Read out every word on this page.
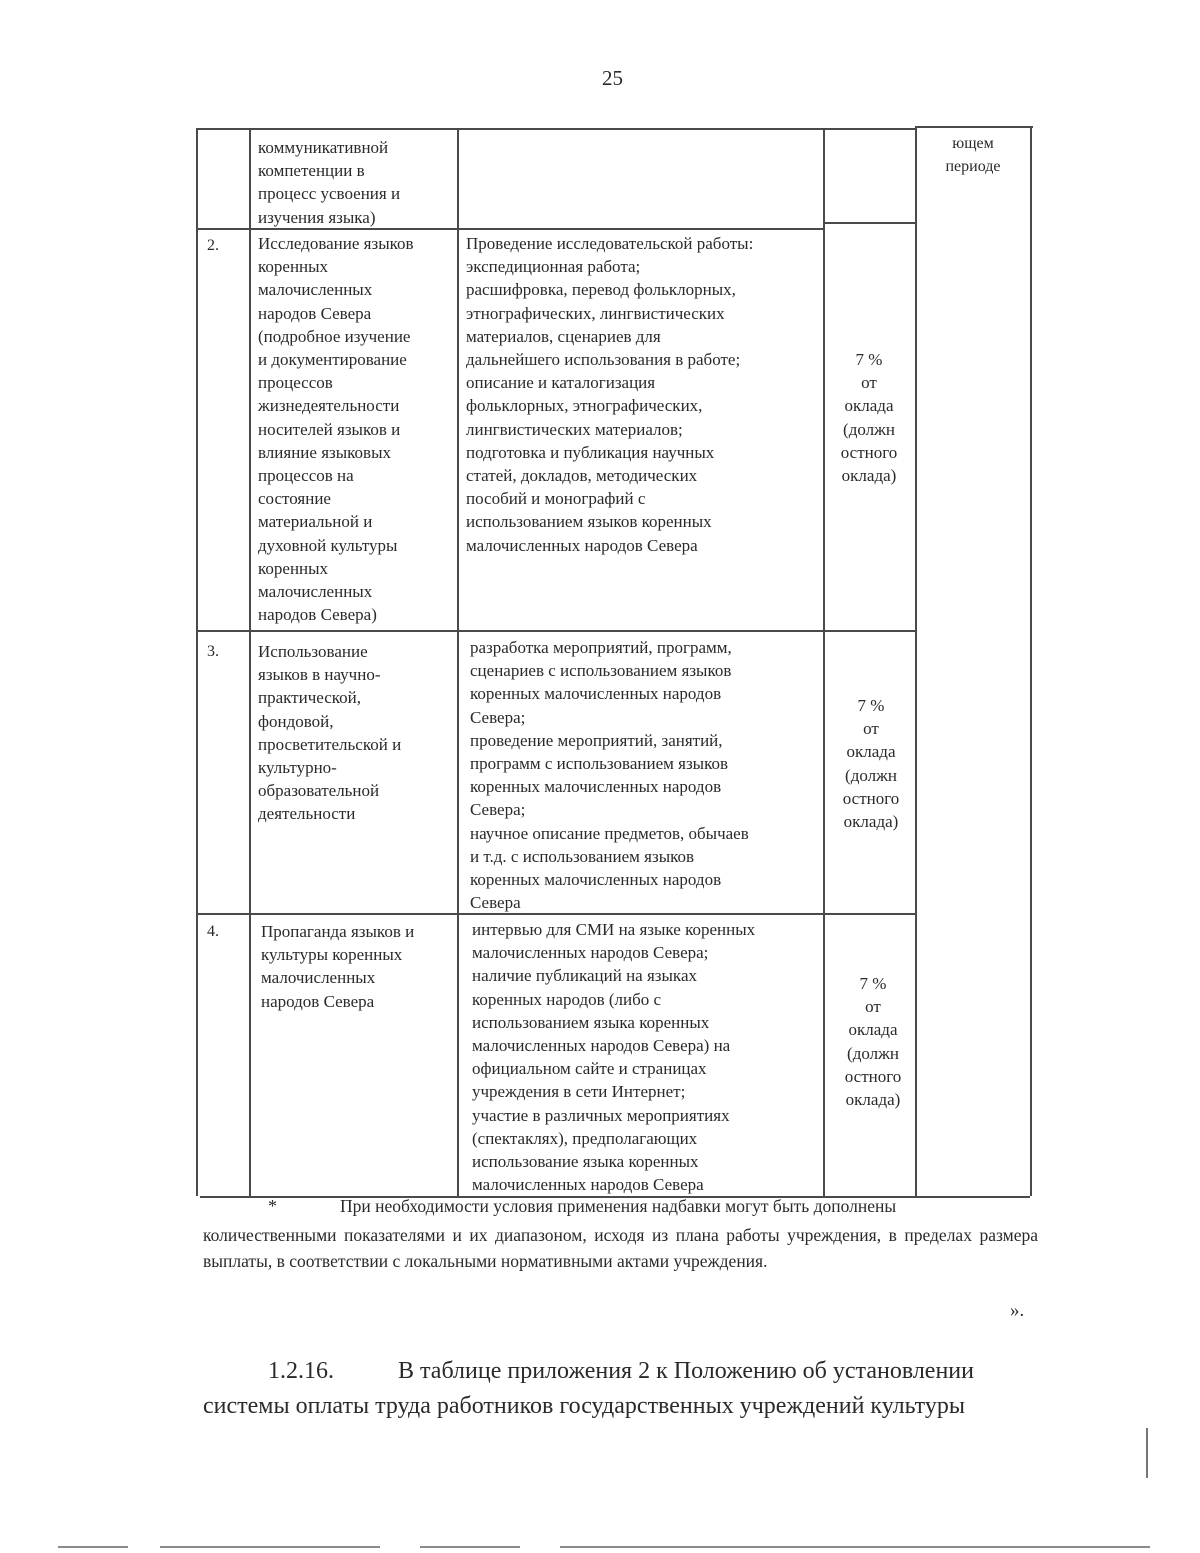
25

коммуникативной
компетенции в
процесс усвоения и
изучения языка)

ющем
периоде

2. Исследование языков
коренных
малочисленных
народов Севера
(подробное изучение
и документирование
процессов
жизнедеятельности
носителей языков и
влияние языковых
процессов на
состояние
материальной и
духовной культуры
коренных
малочисленных
народов Севера)

Проведение исследовательской работы:
экспедиционная работа;
расшифровка, перевод фольклорных,
этнографических, лингвистических
материалов, сценариев для
дальнейшего использования в работе;
описание и каталогизация
фольклорных, этнографических,
лингвистических материалов;
подготовка и публикация научных
статей, докладов, методических
пособий и монографий с
использованием языков коренных
малочисленных народов Севера

7 %
от
оклада
(должн
остного
оклада)

3. Использование
языков в научно-
практической,
фондовой,
просветительской и
культурно-
образовательной
деятельности

разработка мероприятий, программ,
сценариев с использованием языков
коренных малочисленных народов
Севера;
проведение мероприятий, занятий,
программ с использованием языков
коренных малочисленных народов
Севера;
научное описание предметов, обычаев
и т.д. с использованием языков
коренных малочисленных народов
Севера

7 %
от
оклада
(должн
остного
оклада)

4. Пропаганда языков и
культуры коренных
малочисленных
народов Севера

интервью для СМИ на языке коренных
малочисленных народов Севера;
наличие публикаций на языках
коренных народов (либо с
использованием языка коренных
малочисленных народов Севера) на
официальном сайте и страницах
учреждения в сети Интернет;
участие в различных мероприятиях
(спектаклях), предполагающих
использование языка коренных
малочисленных народов Севера

7 %
от
оклада
(должн
остного
оклада)

*	При необходимости условия применения надбавки могут быть дополнены

количественными показателями и их диапазоном, исходя из плана работы учреждения, в пределах размера выплаты, в соответствии с локальными нормативными актами учреждения.

».
1.2.16.	В таблице приложения 2 к Положению об установлении

системы оплаты труда работников государственных учреждений культуры
